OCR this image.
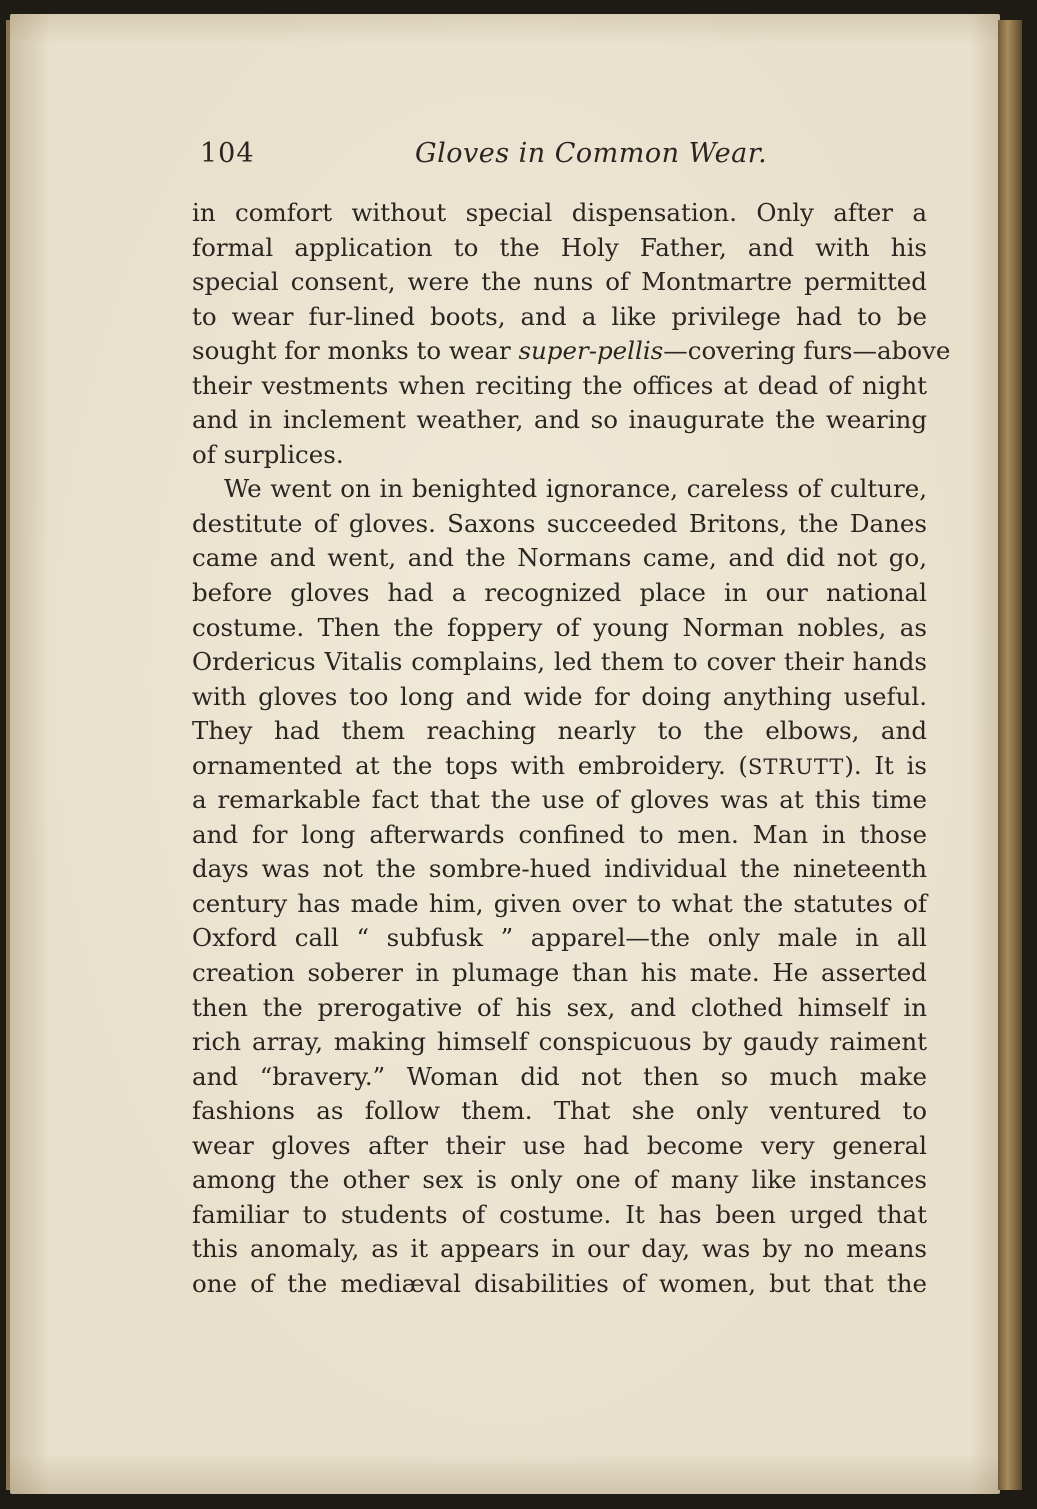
104	Gloves in Common Wear.
in comfort without special dispensation. Only after a
formal application to the Holy Father, and with his
special consent, were the nuns of Montmartre permitted
to wear fur-lined boots, and a like privilege had to be
sought for monks to wear super-pellis—covering furs—above
their vestments when reciting the offices at dead of night
and in inclement weather, and so inaugurate the wearing
of surplices.
We went on in benighted ignorance, careless of culture,
destitute of gloves. Saxons succeeded Britons, the Danes
came and went, and the Normans came, and did not go,
before gloves had a recognized place in our national
costume. Then the foppery of young Norman nobles, as
Ordericus Vitalis complains, led them to cover their hands
with gloves too long and wide for doing anything useful.
They had them reaching nearly to the elbows, and
ornamented at the tops with embroidery. (STRUTT). It is
a remarkable fact that the use of gloves was at this time
and for long afterwards confined to men. Man in those
days was not the sombre-hued individual the nineteenth
century has made him, given over to what the statutes of
Oxford call “ subfusk ” apparel—the only male in all
creation soberer in plumage than his mate. He asserted
then the prerogative of his sex, and clothed himself in
rich array, making himself conspicuous by gaudy raiment
and “bravery.” Woman did not then so much make
fashions as follow them. That she only ventured to
wear gloves after their use had become very general
among the other sex is only one of many like instances
familiar to students of costume. It has been urged that
this anomaly, as it appears in our day, was by no means
one of the mediæval disabilities of women, but that the
